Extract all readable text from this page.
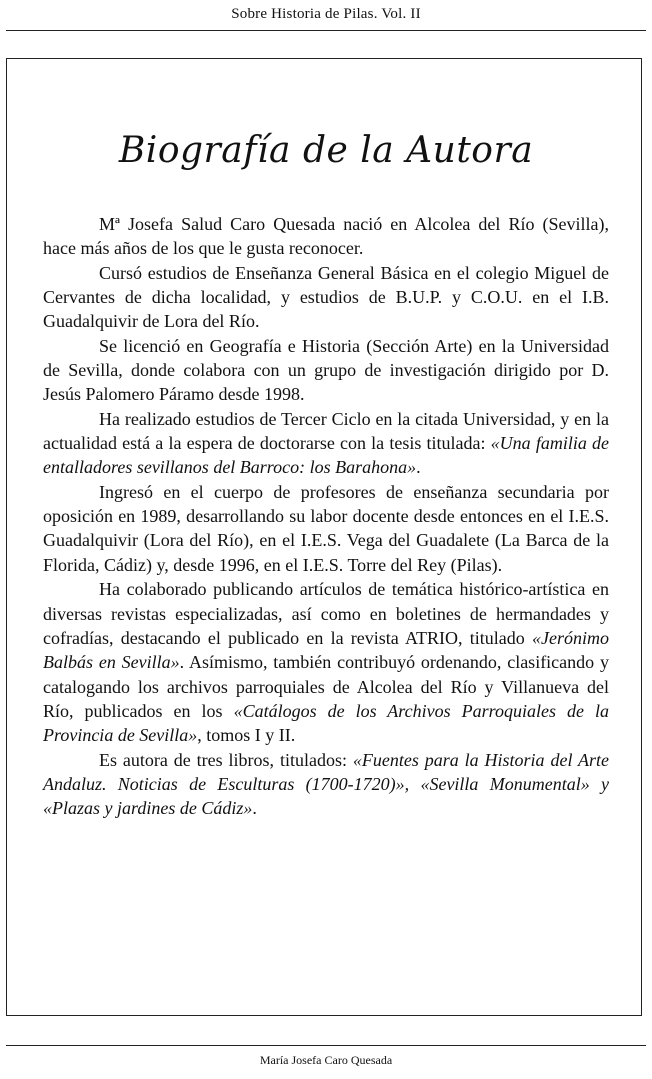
Sobre Historia de Pilas. Vol. II
Biografía de la Autora

Mª Josefa Salud Caro Quesada nació en Alcolea del Río (Sevilla), hace más años de los que le gusta reconocer.

Cursó estudios de Enseñanza General Básica en el colegio Miguel de Cervantes de dicha localidad, y estudios de B.U.P. y C.O.U. en el I.B. Guadalquivir de Lora del Río.

Se licenció en Geografía e Historia (Sección Arte) en la Universidad de Sevilla, donde colabora con un grupo de investigación dirigido por D. Jesús Palomero Páramo desde 1998.

Ha realizado estudios de Tercer Ciclo en la citada Universidad, y en la actualidad está a la espera de doctorarse con la tesis titulada: «Una familia de entalladores sevillanos del Barroco: los Barahona».

Ingresó en el cuerpo de profesores de enseñanza secundaria por oposición en 1989, desarrollando su labor docente desde entonces en el I.E.S. Guadalquivir (Lora del Río), en el I.E.S. Vega del Guadalete (La Barca de la Florida, Cádiz) y, desde 1996, en el I.E.S. Torre del Rey (Pilas).

Ha colaborado publicando artículos de temática histórico-artística en diversas revistas especializadas, así como en boletines de hermandades y cofradías, destacando el publicado en la revista ATRIO, titulado «Jerónimo Balbás en Sevilla». Asímismo, también contribuyó ordenando, clasificando y catalogando los archivos parroquiales de Alcolea del Río y Villanueva del Río, publicados en los «Catálogos de los Archivos Parroquiales de la Provincia de Sevilla», tomos I y II.

Es autora de tres libros, titulados: «Fuentes para la Historia del Arte Andaluz. Noticias de Esculturas (1700-1720)», «Sevilla Monumental» y «Plazas y jardines de Cádiz».

María Josefa Caro Quesada
